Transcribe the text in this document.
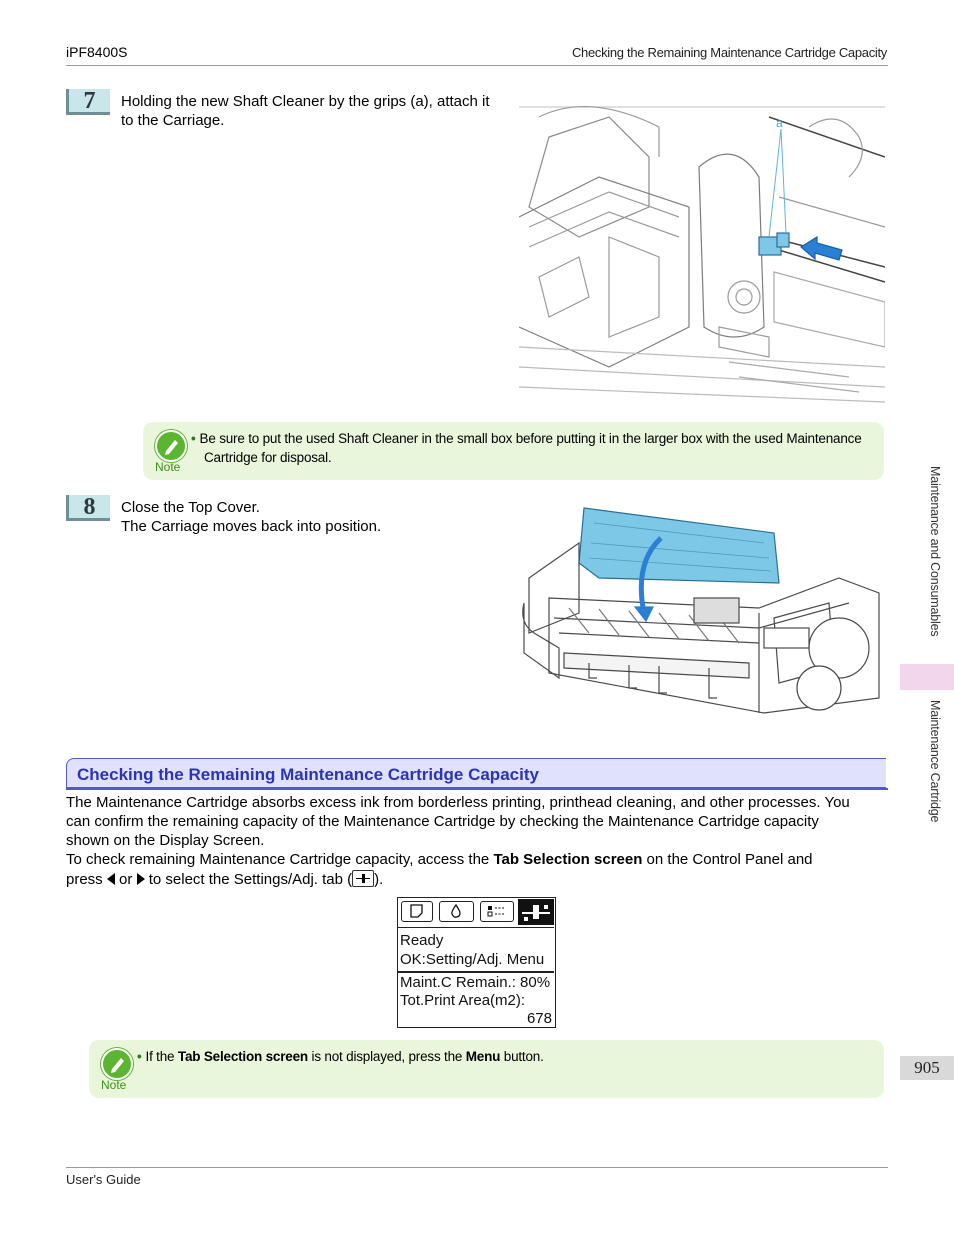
iPF8400S	Checking the Remaining Maintenance Cartridge Capacity
7	Holding the new Shaft Cleaner by the grips (a), attach it
to the Carriage.	a
Note
• Be sure to put the used Shaft Cleaner in the small box before putting it in the larger box with the used Maintenance
Cartridge for disposal.
8	Close the Top Cover.
The Carriage moves back into position.
Checking the Remaining Maintenance Cartridge Capacity
The Maintenance Cartridge absorbs excess ink from borderless printing, printhead cleaning, and other processes. You
can confirm the remaining capacity of the Maintenance Cartridge by checking the Maintenance Cartridge capacity
shown on the Display Screen.
To check remaining Maintenance Cartridge capacity, access the Tab Selection screen on the Control Panel and
press  or  to select the Settings/Adj. tab ( ).
Ready
OK:Setting/Adj. Menu
Maint.C Remain.: 80%
Tot.Print Area(m2):
678
Note
• If the Tab Selection screen is not displayed, press the Menu button.
Maintenance and Consumables
Maintenance Cartridge
905
User's Guide
